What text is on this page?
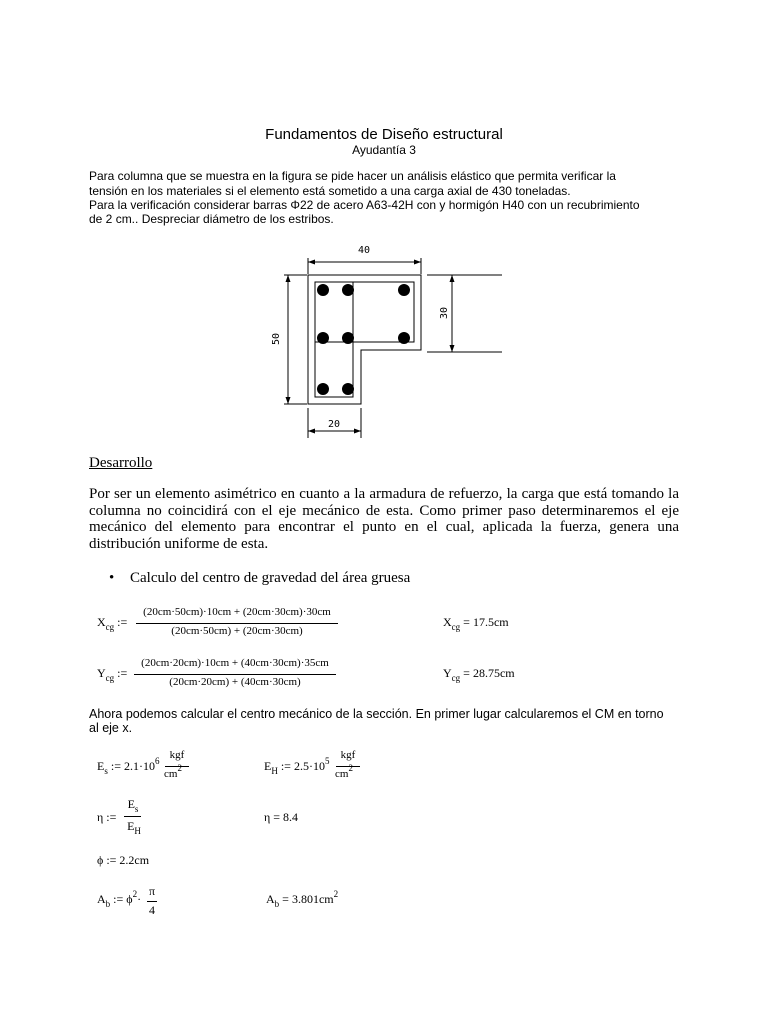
Fundamentos de Diseño estructural
Ayudantía 3
Para columna que se muestra en la figura se pide hacer un análisis elástico que permita verificar la
tensión en los materiales si el elemento está sometido a una carga axial de 430 toneladas.
Para la verificación considerar barras Φ22 de acero A63-42H con y hormigón H40 con un recubrimiento
de 2 cm.. Despreciar diámetro de los estribos.
40
50
30
20
Desarrollo
Por ser un elemento asimétrico en cuanto a la armadura de refuerzo, la carga que está tomando la columna no coincidirá con el eje mecánico de esta. Como primer paso determinaremos el eje mecánico del elemento para encontrar el punto en el cual, aplicada la fuerza, genera una distribución uniforme de esta.
• Calculo del centro de gravedad del área gruesa
$X_{cg}$ :=
(20cm·50cm)·10cm + (20cm·30cm)·30cm
(20cm·50cm) + (20cm·30cm)
$X_{cg} = 17.5cm$
$Y_{cg}$ :=
(20cm·20cm)·10cm + (40cm·30cm)·35cm
(20cm·20cm) + (40cm·30cm)
$Y_{cg} = 28.75cm$
Ahora podemos calcular el centro mecánico de la sección. En primer lugar calcularemos el CM en torno
al eje x.
$E_s$ := $2.1\cdot 10^6$ kgf
$cm^2$	$E_H$ := $2.5\cdot 10^5$	kgf
$cm^2$
η :=
$E_s$
$E_H$
η = 8.4
ϕ := 2.2cm
$A_b$ := $\phi^2\cdot$
π
4
$A_b = 3.801cm^2$
